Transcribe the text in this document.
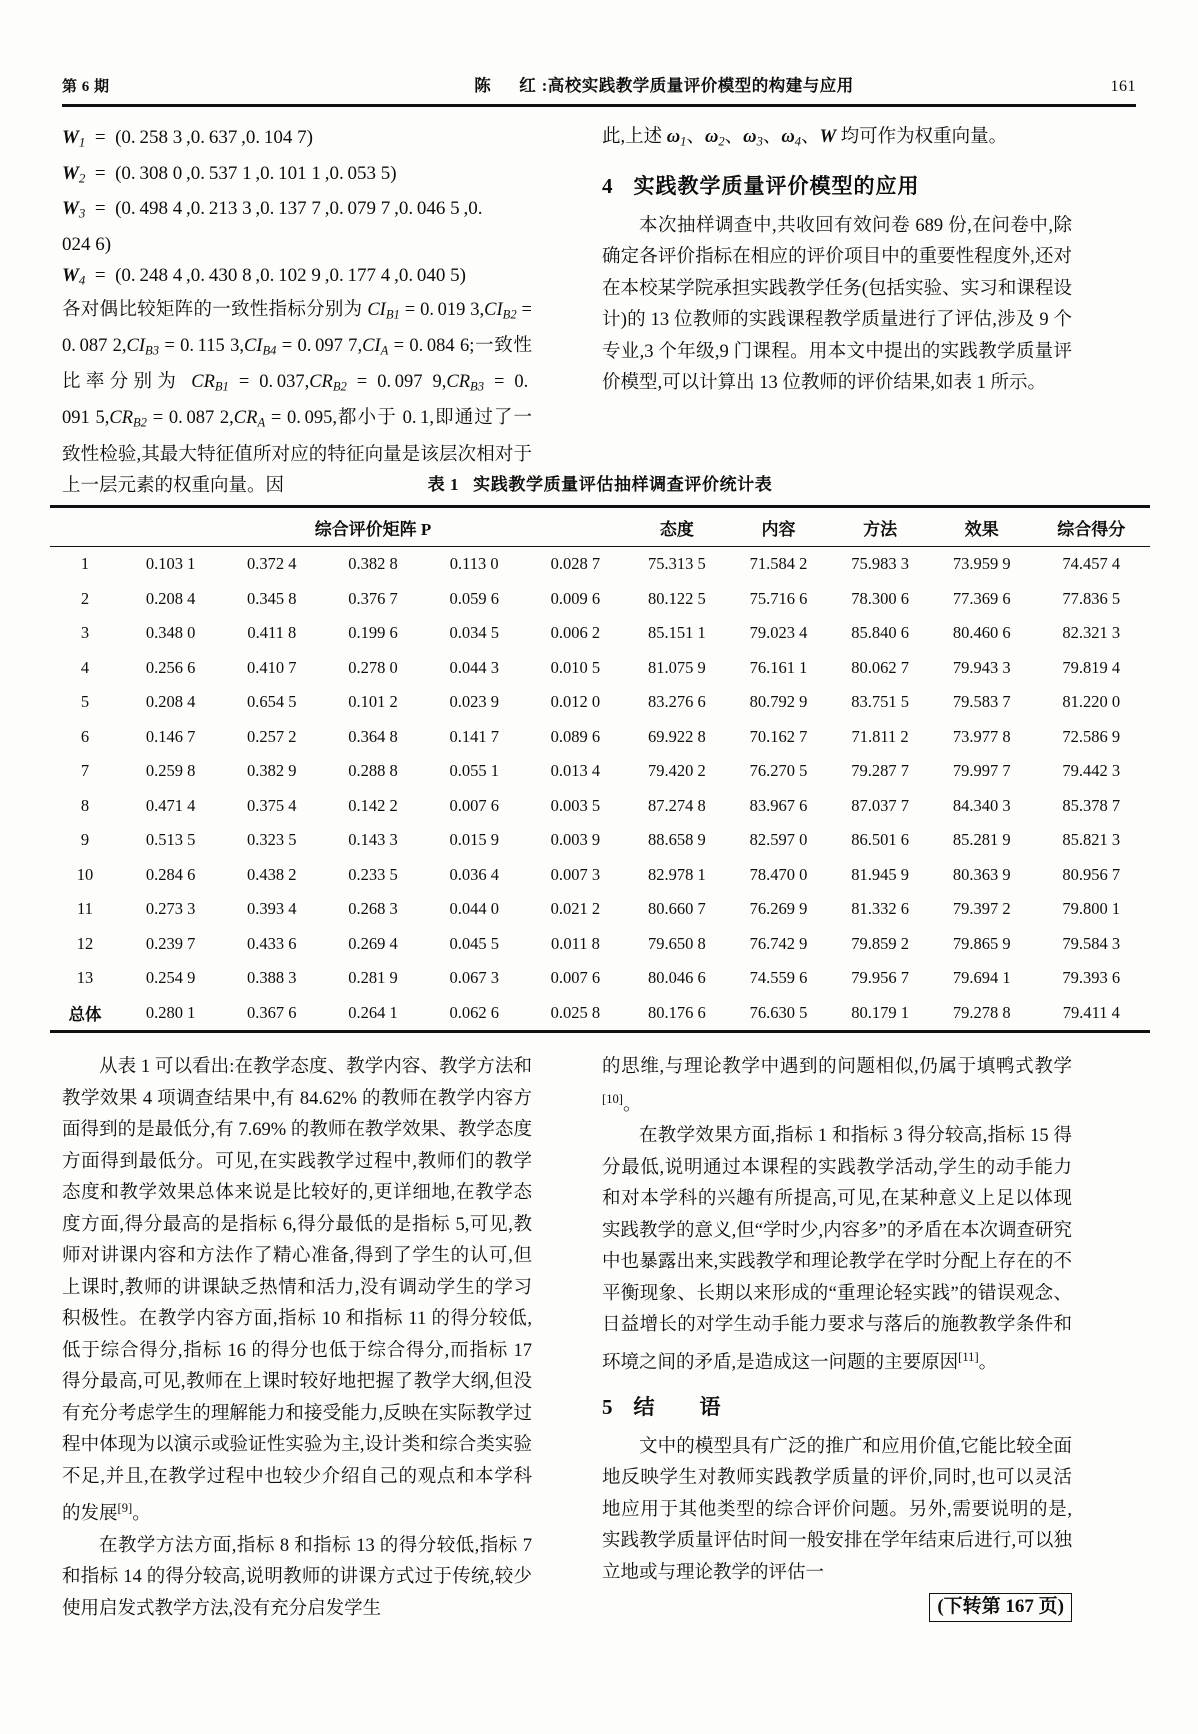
第 6 期	陈　红:高校实践教学质量评价模型的构建与应用	161
$W_1 = (0$. 258 3 ,0. 637 ,0. 104 7)
$W_2 = (0$. 308 0 ,0. 537 1 ,0. 101 1 ,0. 053 5)
$W_3 = (0$. 498 4 ,0. 213 3 ,0. 137 7 ,0. 079 7 ,0. 046 5 ,0.
024 6)
$W_4 = (0$. 248 4 ,0. 430 8 ,0. 102 9 ,0. 177 4 ,0. 040 5)

各对偶比较矩阵的一致性指标分别为 $CI_{B1} = 0$. 019 $3,CI_{B2} = 0$. 087 $2,CI_{B3} = 0$. 115 $3,CI_{B4} = 0$. 097 $7,CI_A = 0$. 084 6;一致性比率分别为 $CR_{B1} = 0$. $037,CR_{B2} = 0$. 097 $9,CR_{B3} = 0$. 091 $5,CR_{B2} = 0$. 087 $2,CR_A = 0$. 095,都小于 0. 1,即通过了一致性检验,其最大特征值所对应的特征向量是该层次相对于上一层元素的权重向量。因

此,上述 $\omega_1$、$\omega_2$、$\omega_3$、$\omega_4$、W 均可作为权重向量。

4 实践教学质量评价模型的应用

本次抽样调查中,共收回有效问卷 689 份,在问卷中,除确定各评价指标在相应的评价项目中的重要性程度外,还对在本校某学院承担实践教学任务(包括实验、实习和课程设计)的 13 位教师的实践课程教学质量进行了评估,涉及 9 个专业,3 个年级,9 门课程。用本文中提出的实践教学质量评价模型,可以计算出 13 位教师的评价结果,如表 1 所示。

表 1 实践教学质量评估抽样调查评价统计表
	综合评价矩阵 P					态度	内容	方法	效果	综合得分
1	0.103 1	0.372 4	0.382 8	0.113 0	0.028 7	75.313 5	71.584 2	75.983 3	73.959 9	74.457 4
2	0.208 4	0.345 8	0.376 7	0.059 6	0.009 6	80.122 5	75.716 6	78.300 6	77.369 6	77.836 5
3	0.348 0	0.411 8	0.199 6	0.034 5	0.006 2	85.151 1	79.023 4	85.840 6	80.460 6	82.321 3
4	0.256 6	0.410 7	0.278 0	0.044 3	0.010 5	81.075 9	76.161 1	80.062 7	79.943 3	79.819 4
5	0.208 4	0.654 5	0.101 2	0.023 9	0.012 0	83.276 6	80.792 9	83.751 5	79.583 7	81.220 0
6	0.146 7	0.257 2	0.364 8	0.141 7	0.089 6	69.922 8	70.162 7	71.811 2	73.977 8	72.586 9
7	0.259 8	0.382 9	0.288 8	0.055 1	0.013 4	79.420 2	76.270 5	79.287 7	79.997 7	79.442 3
8	0.471 4	0.375 4	0.142 2	0.007 6	0.003 5	87.274 8	83.967 6	87.037 7	84.340 3	85.378 7
9	0.513 5	0.323 5	0.143 3	0.015 9	0.003 9	88.658 9	82.597 0	86.501 6	85.281 9	85.821 3
10	0.284 6	0.438 2	0.233 5	0.036 4	0.007 3	82.978 1	78.470 0	81.945 9	80.363 9	80.956 7
11	0.273 3	0.393 4	0.268 3	0.044 0	0.021 2	80.660 7	76.269 9	81.332 6	79.397 2	79.800 1
12	0.239 7	0.433 6	0.269 4	0.045 5	0.011 8	79.650 8	76.742 9	79.859 2	79.865 9	79.584 3
13	0.254 9	0.388 3	0.281 9	0.067 3	0.007 6	80.046 6	74.559 6	79.956 7	79.694 1	79.393 6
总体	0.280 1	0.367 6	0.264 1	0.062 6	0.025 8	80.176 6	76.630 5	80.179 1	79.278 8	79.411 4

从表 1 可以看出:在教学态度、教学内容、教学方法和教学效果 4 项调查结果中,有 84.62% 的教师在教学内容方面得到的是最低分,有 7.69% 的教师在教学效果、教学态度方面得到最低分。可见,在实践教学过程中,教师们的教学态度和教学效果总体来说是比较好的,更详细地,在教学态度方面,得分最高的是指标 6,得分最低的是指标 5,可见,教师对讲课内容和方法作了精心准备,得到了学生的认可,但上课时,教师的讲课缺乏热情和活力,没有调动学生的学习积极性。在教学内容方面,指标 10 和指标 11 的得分较低,低于综合得分,指标 16 的得分也低于综合得分,而指标 17 得分最高,可见,教师在上课时较好地把握了教学大纲,但没有充分考虑学生的理解能力和接受能力,反映在实际教学过程中体现为以演示或验证性实验为主,设计类和综合类实验不足,并且,在教学过程中也较少介绍自己的观点和本学科的发展[9]。

在教学方法方面,指标 8 和指标 13 的得分较低,指标 7 和指标 14 的得分较高,说明教师的讲课方式过于传统,较少使用启发式教学方法,没有充分启发学生

的思维,与理论教学中遇到的问题相似,仍属于填鸭式教学[10]。

在教学效果方面,指标 1 和指标 3 得分较高,指标 15 得分最低,说明通过本课程的实践教学活动,学生的动手能力和对本学科的兴趣有所提高,可见,在某种意义上足以体现实践教学的意义,但“学时少,内容多”的矛盾在本次调查研究中也暴露出来,实践教学和理论教学在学时分配上存在的不平衡现象、长期以来形成的“重理论轻实践”的错误观念、日益增长的对学生动手能力要求与落后的施教教学条件和环境之间的矛盾,是造成这一问题的主要原因[11]。

5 结　语

文中的模型具有广泛的推广和应用价值,它能比较全面地反映学生对教师实践教学质量的评价,同时,也可以灵活地应用于其他类型的综合评价问题。另外,需要说明的是,实践教学质量评估时间一般安排在学年结束后进行,可以独立地或与理论教学的评估一

(下转第 167 页)
